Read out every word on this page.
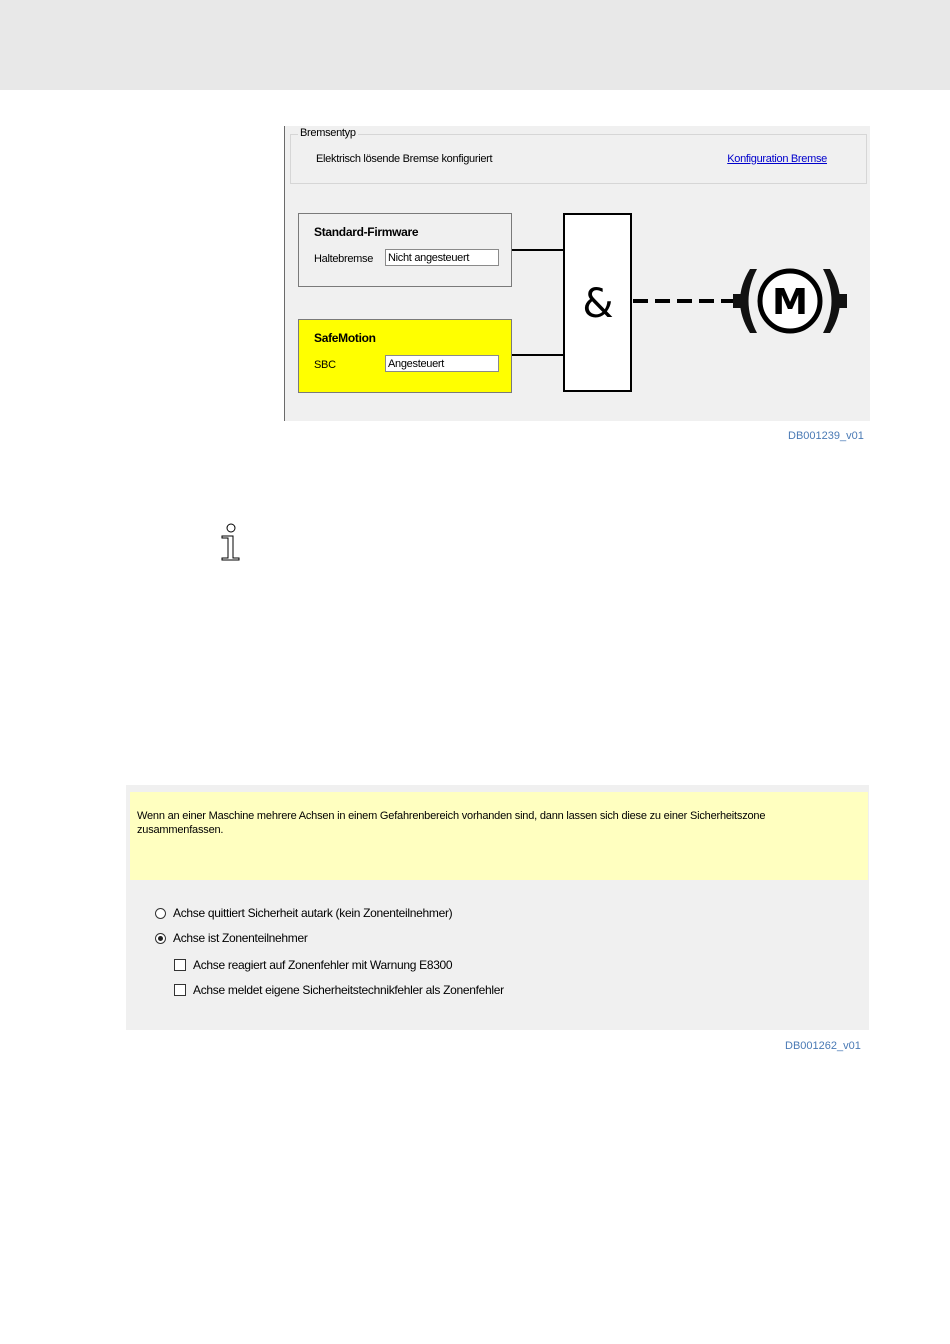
Bremsentyp
Elektrisch lösende Bremse konfiguriert	Konfiguration Bremse
&	M
Standard-Firmware
Haltebremse Nicht angesteuert
SafeMotion
SBC	Angesteuert
DB001239_v01
Wenn an einer Maschine mehrere Achsen in einem Gefahrenbereich vorhanden sind, dann lassen sich diese zu einer Sicherheitszone zusammenfassen.
Achse quittiert Sicherheit autark (kein Zonenteilnehmer)
Achse ist Zonenteilnehmer
Achse reagiert auf Zonenfehler mit Warnung E8300
Achse meldet eigene Sicherheitstechnikfehler als Zonenfehler
DB001262_v01
